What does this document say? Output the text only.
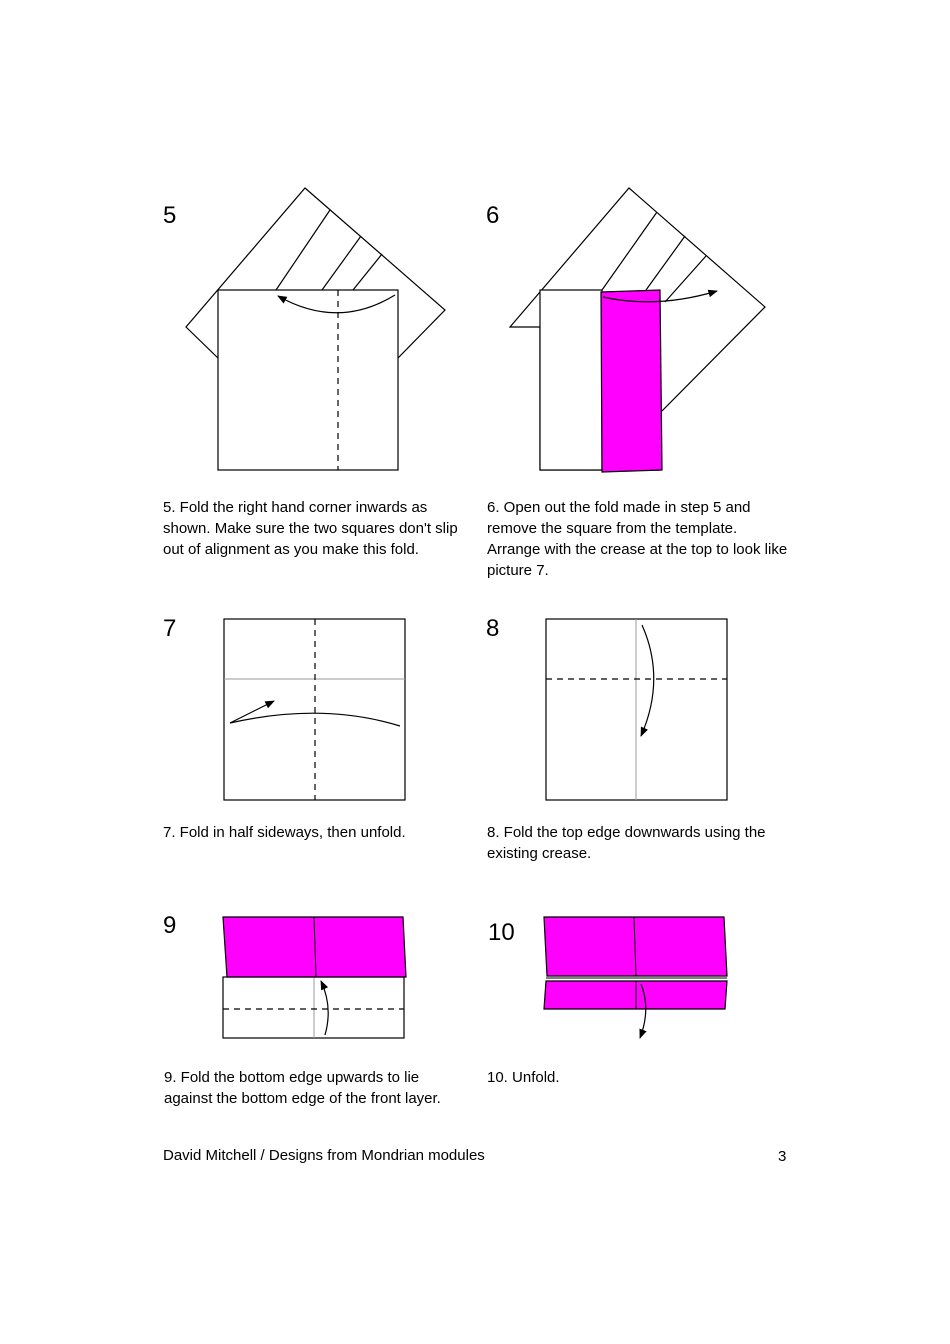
5
5. Fold the right hand corner inwards as shown. Make sure the two squares don't slip out of alignment as you make this fold.
6
6. Open out the fold made in step 5 and remove the square from the template. Arrange with the crease at the top to look like picture 7.
7
7. Fold in half sideways, then unfold.
8
8. Fold the top edge downwards using the existing crease.
9
9. Fold the bottom edge upwards to lie against the bottom edge of the front layer.
10
10. Unfold.
David Mitchell / Designs from Mondrian modules	3
